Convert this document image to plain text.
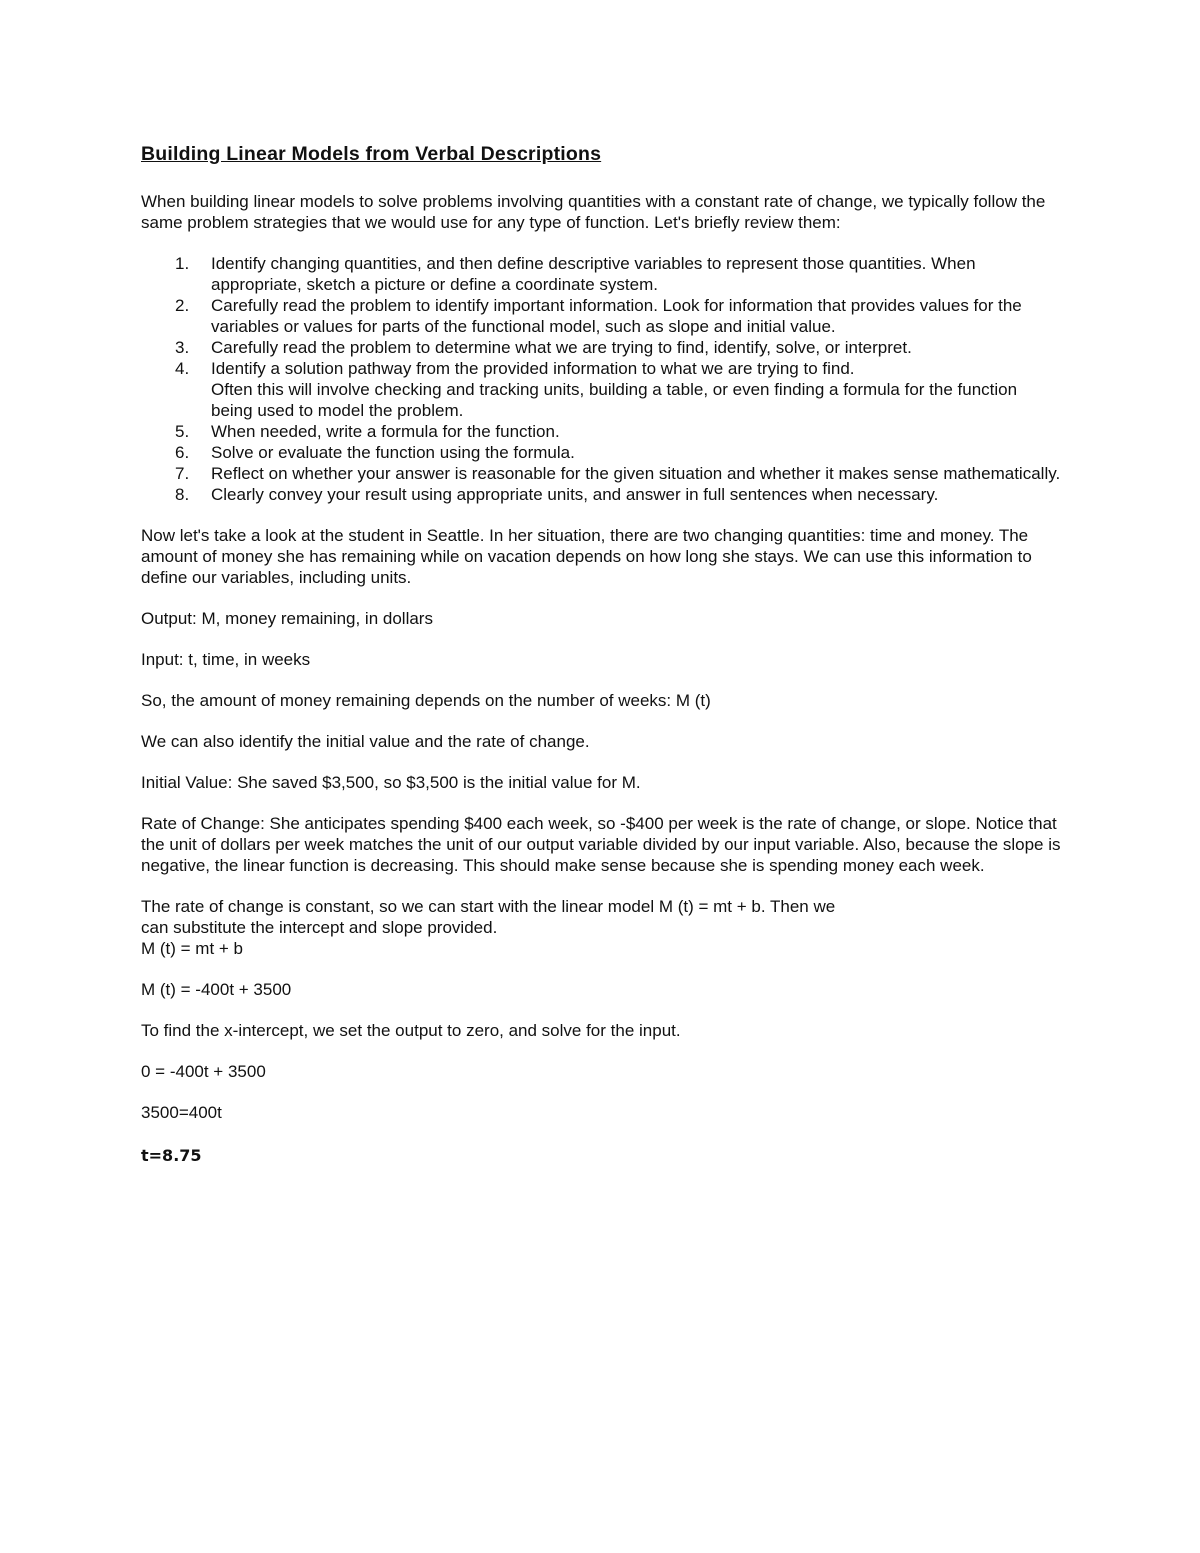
Building Linear Models from Verbal Descriptions

When building linear models to solve problems involving quantities with a constant rate of change, we typically follow the same problem strategies that we would use for any type of function. Let's briefly review them:

1. Identify changing quantities, and then define descriptive variables to represent those quantities. When appropriate, sketch a picture or define a coordinate system.
2. Carefully read the problem to identify important information. Look for information that provides values for the variables or values for parts of the functional model, such as slope and initial value.
3. Carefully read the problem to determine what we are trying to find, identify, solve, or interpret.
4. Identify a solution pathway from the provided information to what we are trying to find.
Often this will involve checking and tracking units, building a table, or even finding a formula for the function being used to model the problem.
5. When needed, write a formula for the function.
6. Solve or evaluate the function using the formula.
7. Reflect on whether your answer is reasonable for the given situation and whether it makes sense mathematically.
8. Clearly convey your result using appropriate units, and answer in full sentences when necessary.

Now let's take a look at the student in Seattle. In her situation, there are two changing quantities: time and money. The amount of money she has remaining while on vacation depends on how long she stays. We can use this information to define our variables, including units.

Output: M, money remaining, in dollars

Input: t, time, in weeks

So, the amount of money remaining depends on the number of weeks: M (t)

We can also identify the initial value and the rate of change.

Initial Value: She saved $3,500, so $3,500 is the initial value for M.

Rate of Change: She anticipates spending $400 each week, so -$400 per week is the rate of change, or slope. Notice that the unit of dollars per week matches the unit of our output variable divided by our input variable. Also, because the slope is negative, the linear function is decreasing. This should make sense because she is spending money each week.

The rate of change is constant, so we can start with the linear model M (t) = mt + b. Then we
can substitute the intercept and slope provided.
M (t) = mt + b

M (t) = -400t + 3500

To find the x-intercept, we set the output to zero, and solve for the input.

0 = -400t + 3500

3500=400t

t=8.75
